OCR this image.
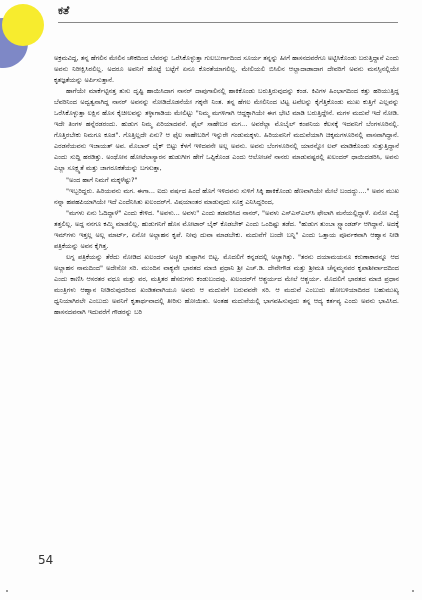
ಕತೆ

ಅಕ್ರಮವಿದ್ದ, ತನ್ನ ಹೆಗಲಿನ ಮೇಲಿನ ಚೌಕದಿಂದ ಬೆವರನ್ನು ಒರೆಸಿಕೊಳ್ಳುತ್ತಾ ಗುಲಬುರ್ಗಾದಿಂದ ಸೂರ್ಯ ತನ್ನನ್ನು ಹೀಗೆ ಹಾಸನದವರೆಗೂ ಅಟ್ಟಿಸಿಕೊಂಡು ಬರುತ್ತಿದ್ದಾನೆ ಎಂದು ಅವನು ನಿರೀಕ್ಷಿಸಿರಲಿಲ್ಲ. ಅದರೂ ಅವನಿಗೆ ಹೊಟ್ಟೆ ಬಟ್ಟೆಗೆ ಏನೂ ಕೊರತೆಯಾಗಲಿಲ್ಲ. ಮೇಲಿಯಲಿ ಬಿಸಿಲಿನ ಆಲ್ಲಾದಾಡಾದಾಗ ದೇವರಿಗೆ ಅವನು ಮನಸ್ಸಿನಲ್ಲಿಯೇ ಕೃತಜ್ಞತೆಯನ್ನು ಅರ್ಪಿಸುತ್ತಾನೆ.

ಹಾಗೆಯೇ ಮಾರ್ಕೆಟ್ಟಿನತ್ತ ತುಸು ದೃಷ್ಟಿ ಹಾಯಿಸಿದಾಗ ನಾನರ್ ದಾಪುಗಾಲಿನಲ್ಲಿ ಹಾಕಿಕೊಂಡು ಬರುತ್ತಿರುವುದನ್ನು ಕಂಡ. ಕಿವಿಗಳ ಹಿಂಭಾಗದಿಂದ ಕತ್ತು ಹರಿಯುತ್ತಿದ್ದ ಬೆವರಿನಿಂದ ಅದ್ವತ್ವನಾಗಿದ್ದ ನಾನರ್ ಅವನನ್ನು ನೋಡಿದೊಡನೆಯೇ ಗಕ್ಕನೇ ನಿಂತ. ತನ್ನ ಹೆಗಲ ಮೇಲಿನಿಂದ ಟಿಟ್ಟ ಟವೆಲನ್ನು ಕೈಗೆತ್ತಿಕೊಂಡು ಮುಖ ಕುತ್ತಿಗೆ ಎಲ್ಲವನ್ನು ಒರೆಸಿಕೊಳ್ಳುತ್ತಾ ಲಕ್ಷಿನ ಹೊಸ ಕೈಚೀಲವನ್ನು ತಳ್ಳಾಗಾಡಿಯ ಮೇಲಿಟ್ಟು "ನಿಮ್ಮ ಮಗಳಿಗಾಗಿ ಆದ್ದಕ್ಕಾಗಿಯೇ ಈಗ ಭೇಟಿ ಮಾಡಿ ಬರುತ್ತಿದ್ದೇನೆ. ಮಗಳ ಮದುವೆ ಇದೆ ನೋಡಿ. ಇದೇ ತಿಂಗಳ ಹನ್ನೆರಡರಂದು. ಹುಡುಗ ನಿಮ್ಮ ಏರಿಯಾದವನೆ. ಫೈಲ್ ಸಾಹೇಬರ ಮಗ... ಅವರೆಲ್ಲಾ ಮೊಬೈಲ್ ಕಂಪನಿಯ ಕೆಲಸಕ್ಕೆ ಇದವನಿಗೆ ಬೆಂಗಳೂರಿನಲ್ಲಿ. ಗೊತ್ತಿರಬೇಕು ನಿಮಗೂ ಕೂಡ". ಗೊತ್ತಿಲ್ಲದೇ ಏನು? ಆ ಫೈಲ ಸಾಹೇಬರಿಗೆ ಇನ್ನುರೇ ಗಂಡುಮಕ್ಕಳು. ಹಿರಿಯವನಿಗೆ ಮದುವೆಯಾಗಿ ಚಿಕ್ಕಮಗಳೂರಿನಲ್ಲಿ ವಾಸವಾಗಿದ್ದಾನೆ. ಎರಡನೆಯವನು ಇಜಾಯತ್ ಅವ. ಮೊಬಾರ್ ಬೈಕ್ ಬಿಟ್ಟು ಕೆಳಗೆ ಇಳಿದವನೇ ಅಲ್ಲ ಅವನು. ಅವನು ಬೆಂಗಳೂರಿನಲ್ಲಿ ಯಾರನ್ನೋ ಲವ್ ಮಾಡಿಕೊಂಡು ಸುತ್ತುತ್ತಿದ್ದಾನೆ ಎಂದು ಸುದ್ದಿ ಹರಡಿತ್ತು. ಅಂಥೋನ ಹೋಟೆಲಾಸ್ಯಾರನ ಹುಡುಗೀಗ ಹೇಗೆ ಒಪ್ಪಿಕೊಂಡ ಎಂದು ಆಲೋಚನೆ ನಾನರು ಮಾಡುವಷ್ಟರಲ್ಲಿ ಖಲಂದರ್ ಧಾಯಿದಡರಿಸಿ, ಅವನು ಎಲ್ಲಾ ಸೂಕ್ಷ್ಮತೆ ಮತ್ತು ಜಾಗರೂಕತೆಯನ್ನು ಬಗಸುತ್ತಾ,

"ಅಂದ ಹಾಗೆ ನಿಮಗೆ ಮಕ್ಕಳೆಷ್ಟು?"

"ಇಬ್ಬರಿದ್ದರು. ಹಿರಿಯವನು ಮಗ. ಈಗಾ... ಐದು ವರ್ಷದ ಹಿಂದೆ ಹೊಗೆ ಇಳಿದವನು ಸುಳಿಗೆ ಸಿಕ್ಕಿ ಹಾಕಿಕೊಂಡು ಹೆಣವಾಗಿಯೇ ಮೇಲೆ ಬಂದದ್ದು...." ಅವನ ಮುಖ ನನ್ನಾ ಹಪಹಪಿಯಾಗಿಯೇ ಇದೆ ಎಂದೆನಿಸಿತು ಖಲಂದರ್‌ಗೆ. ವಿಷಯಾಂತರ ಮಾಡುವುದು ಸೂಕ್ತ ಎನಿಸಿದ್ದರಿಂದ,

"ಮಗಳು ಏನು ಓದಿದ್ದಾಳೆ" ಎಂದು ಕೇಳಿದ. "ಅವಳು... ಅವಳು" ಎಂದು ತಡವರಿಸಿದ ನಾನರ್, "ಅವಳು ಎಸ್ಎಸ್ಎಲ್‌ಸಿ ಫೇಲಾಗಿ ಮನೆಯಲ್ಲಿದ್ದಾಳೆ. ಏನೋ ವಿದ್ಯೆ ತತ್ತಲಿಲ್ಲ. ಅದ್ದ ನನಗೂ ಕಮ್ಮಿ ಮಾಡಲಿಲ್ಲ. ಹುಡುಗನಿಗೆ ಹೊಸ ಮೋಟಾರ್ ಬೈಕ್ ಕೊಡಬೇಕ್ ಎಂದು ಒಂದಿಷ್ಟು ತಡೆದ. "ಹುಡುಗ ತುಂಬಾ ಸ್ಟ್ಯಾಂಡರ್ಡ್ ಆಗಿದ್ದಾನೆ. ಅದಕ್ಕೆ ಇಮ್‌ಗಳು ಇತ್ತಲ್ಲ ಅಲ್ಲ ಮಾರ್ಟ್, ಏನೋ ಅಲ್ಲಾಹನ ಕೃಪೆ. ನೀವು ದುವಾ ಮಾಡಬೇಕು. ಮದುವೆಗೆ ಬಂದೇ ಬನ್ನಿ" ಎಂದು ಒತ್ತಾಯ ಪೂರ್ವಕವಾಗಿ ಆಹ್ವಾನ ನೀಡಿ ಪತ್ರಿಕೆಯನ್ನು ಅವನ ಕೈಗಿತ್ತ.

ಲಗ್ನ ಪತ್ರಿಕೆಯನ್ನು ತೆರೆದು ನೋಡಿದ ಖಲಂದರ್ ಅಚ್ಚರಿ ತುಪ್ಪಾಗಿನ ಬಿಟ್ಟ. ಮೊದಲಿಗೆ ಕನ್ನಡದಲ್ಲಿ ಅಚ್ಚಾಗಿತ್ತು. "ತರನು ದಯಾಮಯನೂ ಕರುಣಾಕಾರನ್ನೂ ಆದ ಅಲ್ಲಾಹನ ನಾಮದಿಂದ" ಅದೇಸೋ ಸರಿ. ಮುಂದಿನ ವಾಕ್ಯವೇ ಭಾರತದ ಮಾಜಿ ಪ್ರಧಾನಿ ಶ್ರೀ ಎಚ್.ಡಿ. ದೇವೇಗೌಡ ಮತ್ತು ಶ್ರೀಮತಿ ಚೆನ್ನಮ್ಮನವರ ಕೃಪಾಶೀರ್ವಾದದಿಂದ ಎಂದು ಕಾಣಿಸಿ ಆಸರತರ ವಧೂ ಮತ್ತು ವರ, ಮತ್ತಿತರ ಹೆಸರುಗಳು ಕಂಡುಬಂದವು. ಖಲಂದರ್‌ಗೆ ಆಶ್ಚರ್ಯದ ಮೇಲೆ ಆಶ್ಚರ್ಯ. ಮೊದಲಿಗೆ ಭಾರತದ ಮಾಜಿ ಪ್ರಧಾನ ಮಂತ್ರಿಗಳು ಆಹ್ವಾನ ನೀಡಿರುವುದರಿಂದ ಖಂಡಿತವಾಗಿಯೂ ಅವರು ಆ ಮದುವೆಗೆ ಬರುವವರೇ ಸರಿ. ಆ ಮದುವೆ ಎಂಬುದು ಹೋಬಳಿಯಾದಿರದ ಬಹುಮುಖ್ಯ ಧ್ವನಿಯಾಗಿರಲೇ ಎಂಬುದು ಅವನಿಗೆ ಕೃತಾರ್ಥವಾದಲ್ಲಿ ತೀರಿಸು ಹೋಯಿತು. ಅಂತಹ ಮದುವೆಯಲ್ಲಿ ಭಾಗವಹಿಸುವುದು ತನ್ನ ಆದ್ಯ ಕರ್ತವ್ಯ ಎಂದು ಅವನು ಭಾವಿಸಿದ. ಹಾಸನದವನಾಗಿ ಇದುವರೆಗೆ ಗೌಡರನ್ನು ಬರಿ

54
